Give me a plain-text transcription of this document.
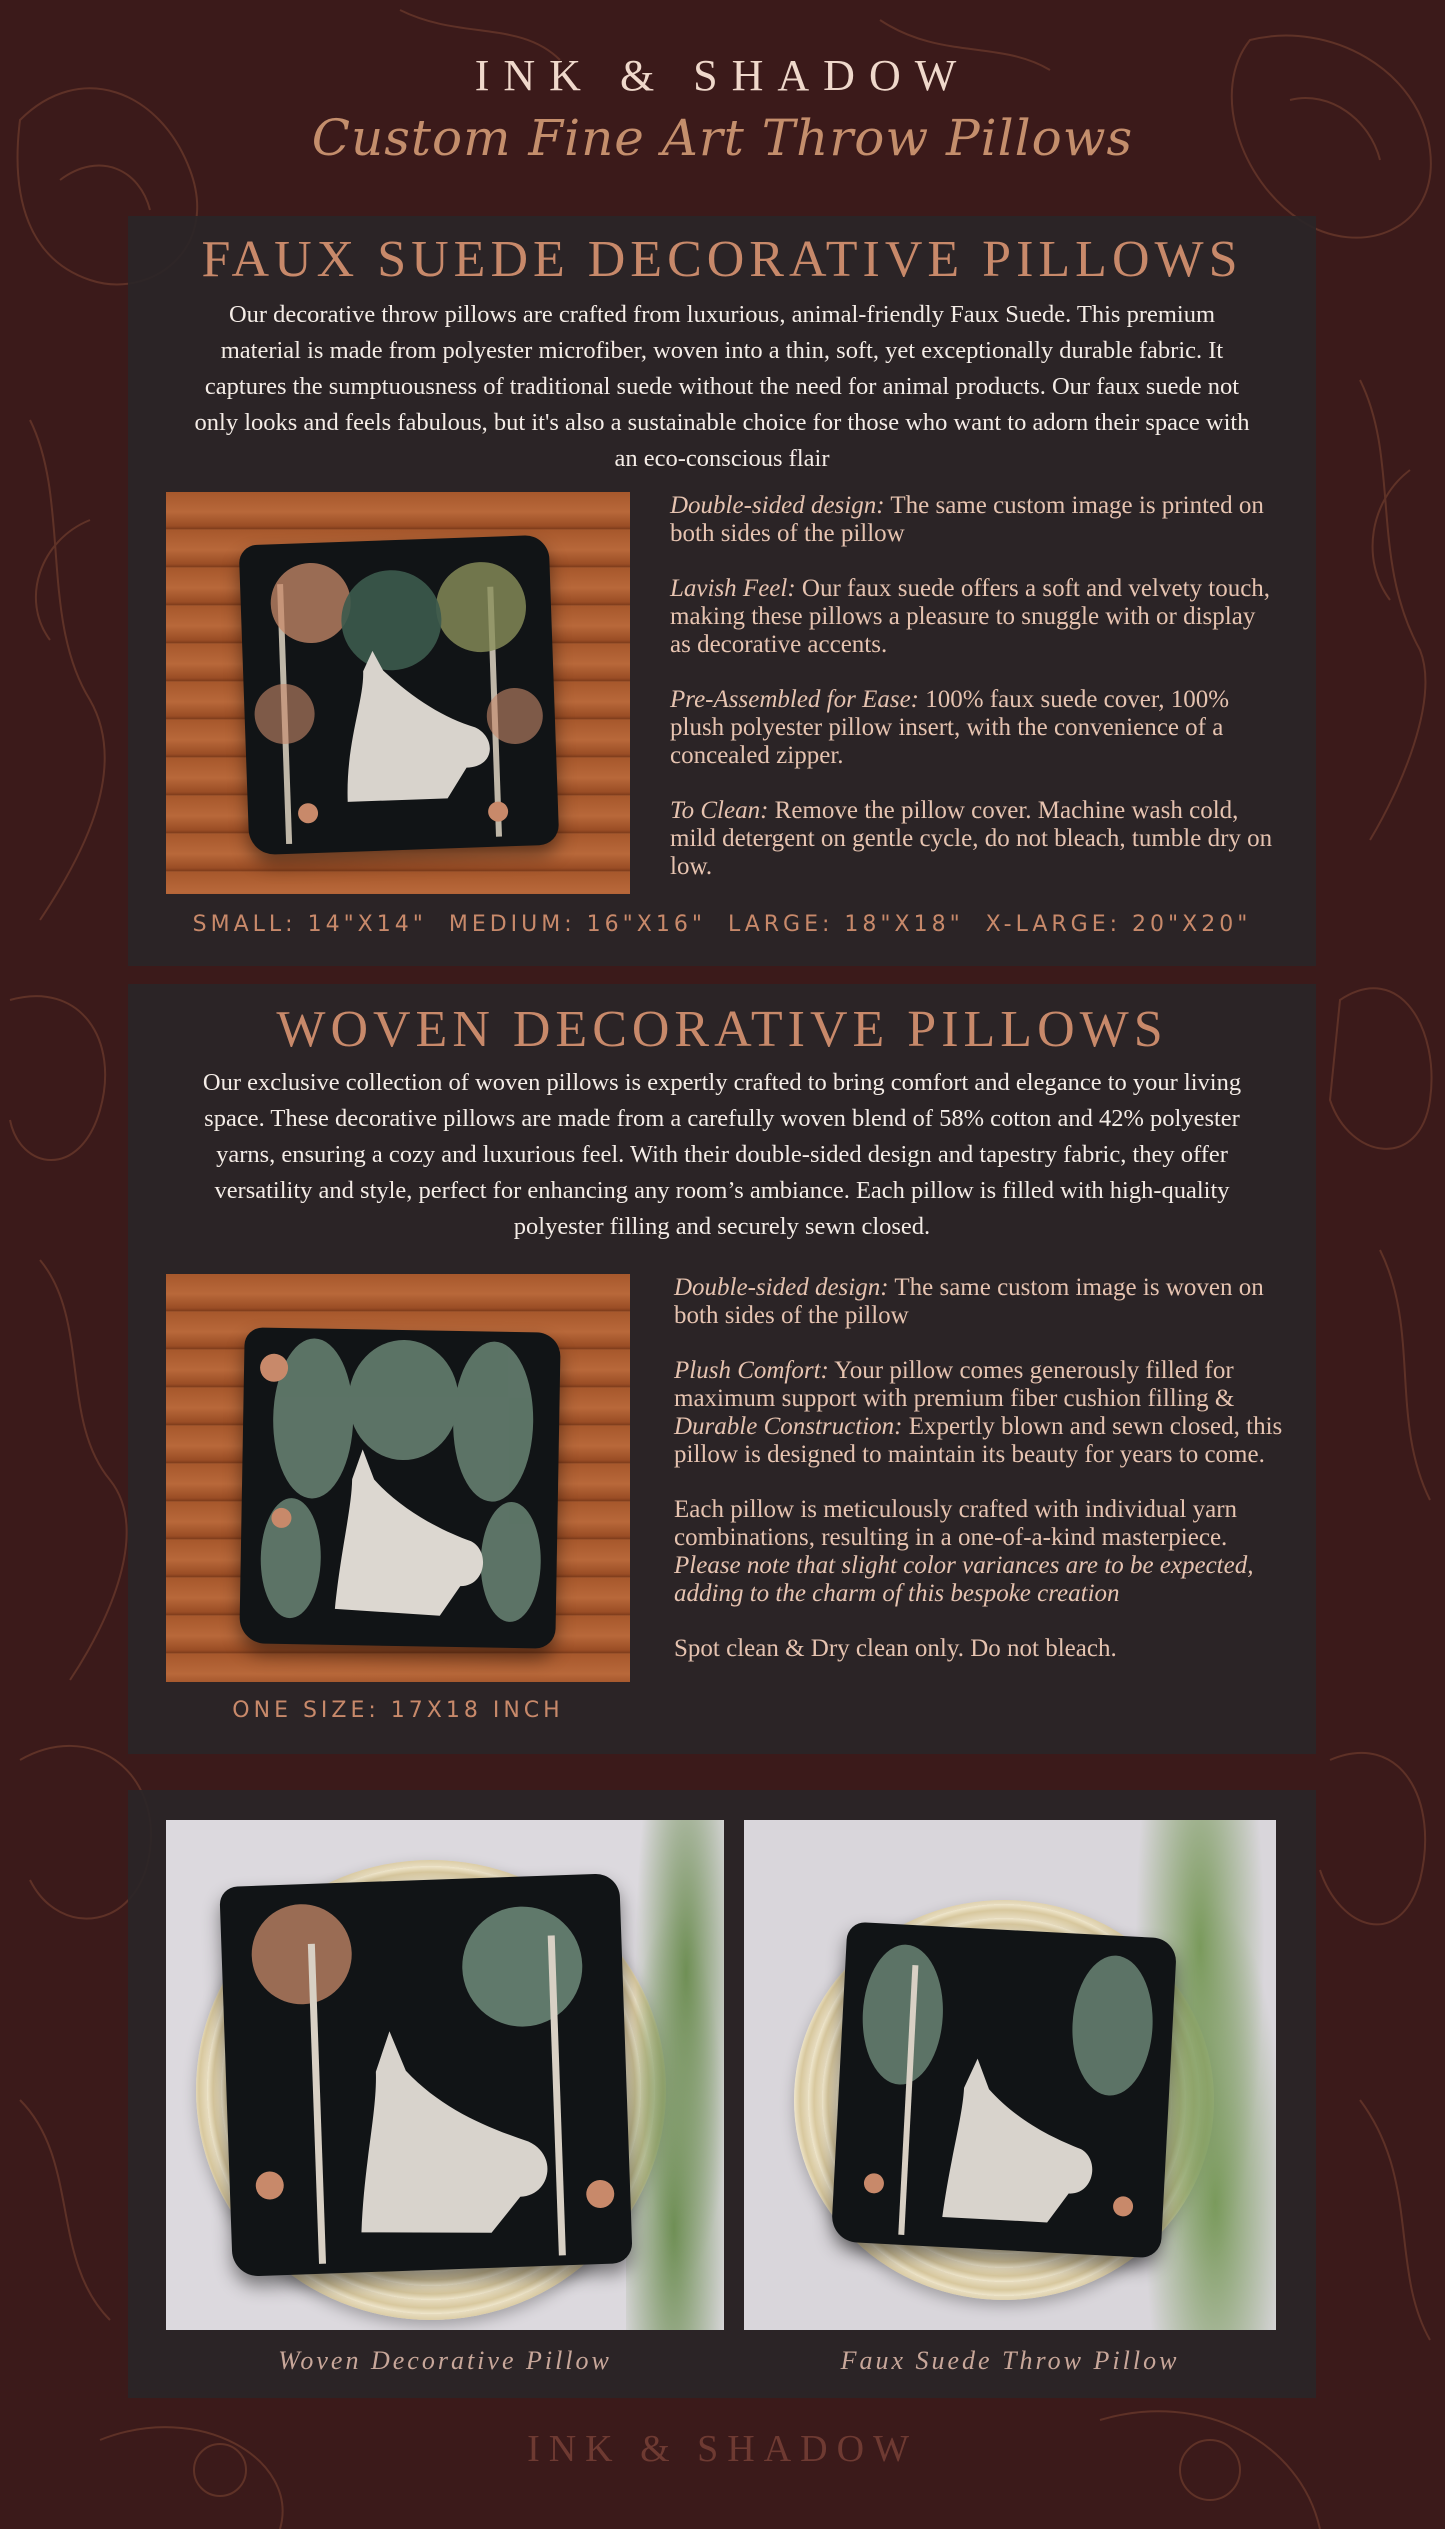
INK & SHADOW
Custom Fine Art Throw Pillows
FAUX SUEDE DECORATIVE PILLOWS

Our decorative throw pillows are crafted from luxurious, animal-friendly Faux Suede. This premium material is made from polyester microfiber, woven into a thin, soft, yet exceptionally durable fabric. It captures the sumptuousness of traditional suede without the need for animal products. Our faux suede not only looks and feels fabulous, but it's also a sustainable choice for those who want to adorn their space with an eco-conscious flair

Double-sided design: The same custom image is printed on both sides of the pillow

Lavish Feel: Our faux suede offers a soft and velvety touch, making these pillows a pleasure to snuggle with or display as decorative accents.

Pre-Assembled for Ease: 100% faux suede cover, 100% plush polyester pillow insert, with the convenience of a concealed zipper.

To Clean: Remove the pillow cover. Machine wash cold, mild detergent on gentle cycle, do not bleach, tumble dry on low.

SMALL: 14"X14"  MEDIUM: 16"X16"  LARGE: 18"X18"  X-LARGE: 20"X20"
WOVEN DECORATIVE PILLOWS

Our exclusive collection of woven pillows is expertly crafted to bring comfort and elegance to your living space. These decorative pillows are made from a carefully woven blend of 58% cotton and 42% polyester yarns, ensuring a cozy and luxurious feel. With their double-sided design and tapestry fabric, they offer versatility and style, perfect for enhancing any room’s ambiance. Each pillow is filled with high-quality polyester filling and securely sewn closed.

Double-sided design: The same custom image is woven on both sides of the pillow

Plush Comfort: Your pillow comes generously filled for maximum support with premium fiber cushion filling & Durable Construction: Expertly blown and sewn closed, this pillow is designed to maintain its beauty for years to come.

Each pillow is meticulously crafted with individual yarn combinations, resulting in a one-of-a-kind masterpiece. Please note that slight color variances are to be expected, adding to the charm of this bespoke creation

Spot clean & Dry clean only. Do not bleach.

ONE SIZE: 17X18 INCH
Woven Decorative Pillow	Faux Suede Throw Pillow
INK & SHADOW
